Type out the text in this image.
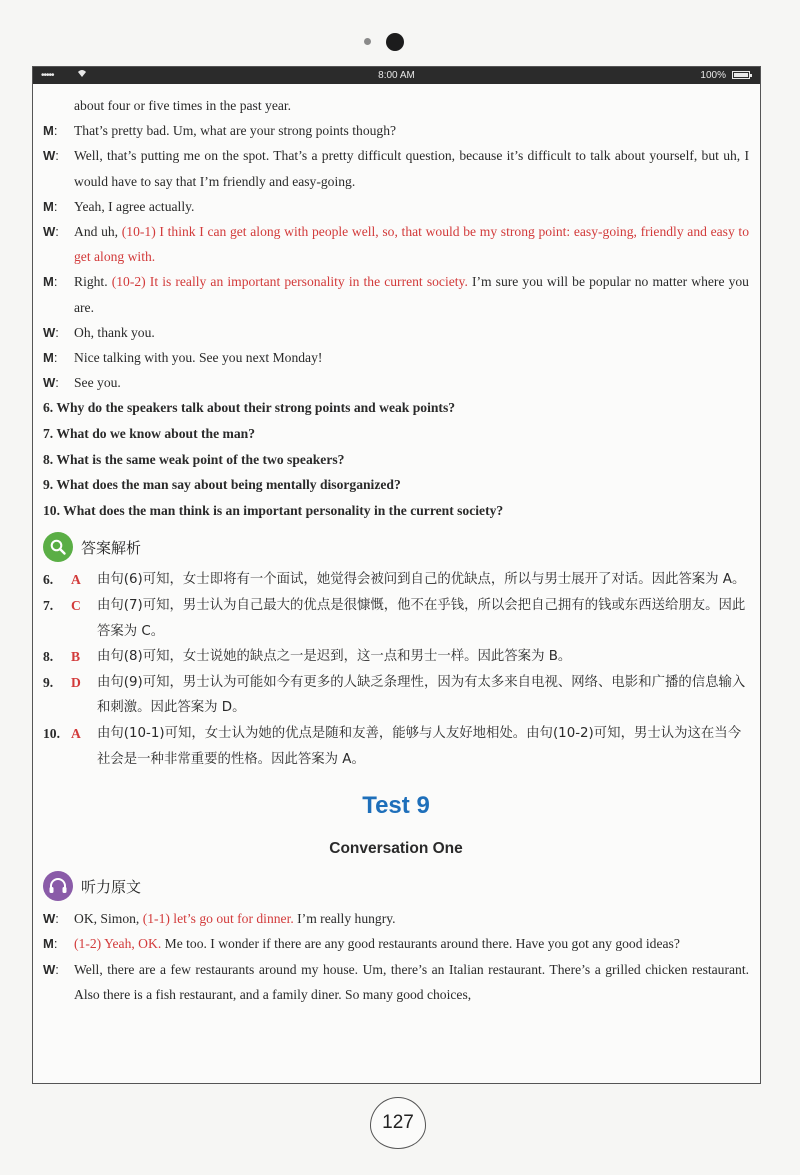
•••••	8:00 AM	100%
about four or five times in the past year.
M :	That’s pretty bad. Um, what are your strong points though?
W :	Well, that’s putting me on the spot. That’s a pretty difficult question, because it’s difficult to talk about yourself, but uh, I would have to say that I’m friendly and easy-going.
M :	Yeah, I agree actually.
W :	And uh, (10-1) I think I can get along with people well, so, that would be my strong point: easy-going, friendly and easy to get along with.
M :	Right. (10-2) It is really an important personality in the current society. I’m sure you will be popular no matter where you are.
W :	Oh, thank you.
M :	Nice talking with you. See you next Monday!
W :	See you.

6. Why do the speakers talk about their strong points and weak points?

7. What do we know about the man?

8. What is the same weak point of the two speakers?

9. What does the man say about being mentally disorganized?

10. What does the man think is an important personality in the current society?

答案解析
6.	A	由句(6)可知，女士即将有一个面试，她觉得会被问到自己的优缺点，所以与男士展开了对话。因此答案为 A。
7.	C	由句(7)可知，男士认为自己最大的优点是很慷慨，他不在乎钱，所以会把自己拥有的钱或东西送给朋友。因此答案为 C。
8.	B	由句(8)可知，女士说她的缺点之一是迟到，这一点和男士一样。因此答案为 B。
9.	D	由句(9)可知，男士认为可能如今有更多的人缺乏条理性，因为有太多来自电视、网络、电影和广播的信息输入和刺激。因此答案为 D。
10. A	由句(10-1)可知，女士认为她的优点是随和友善，能够与人友好地相处。由句(10-2)可知，男士认为这在当今社会是一种非常重要的性格。因此答案为 A。
Test 9
Conversation One
听力原文
W :	OK, Simon, (1-1) let’s go out for dinner. I’m really hungry.
M :	(1-2) Yeah, OK. Me too. I wonder if there are any good restaurants around there. Have you got any good ideas?
W :	Well, there are a few restaurants around my house. Um, there’s an Italian restaurant. There’s a grilled chicken restaurant. Also there is a fish restaurant, and a family diner. So many good choices,
127
